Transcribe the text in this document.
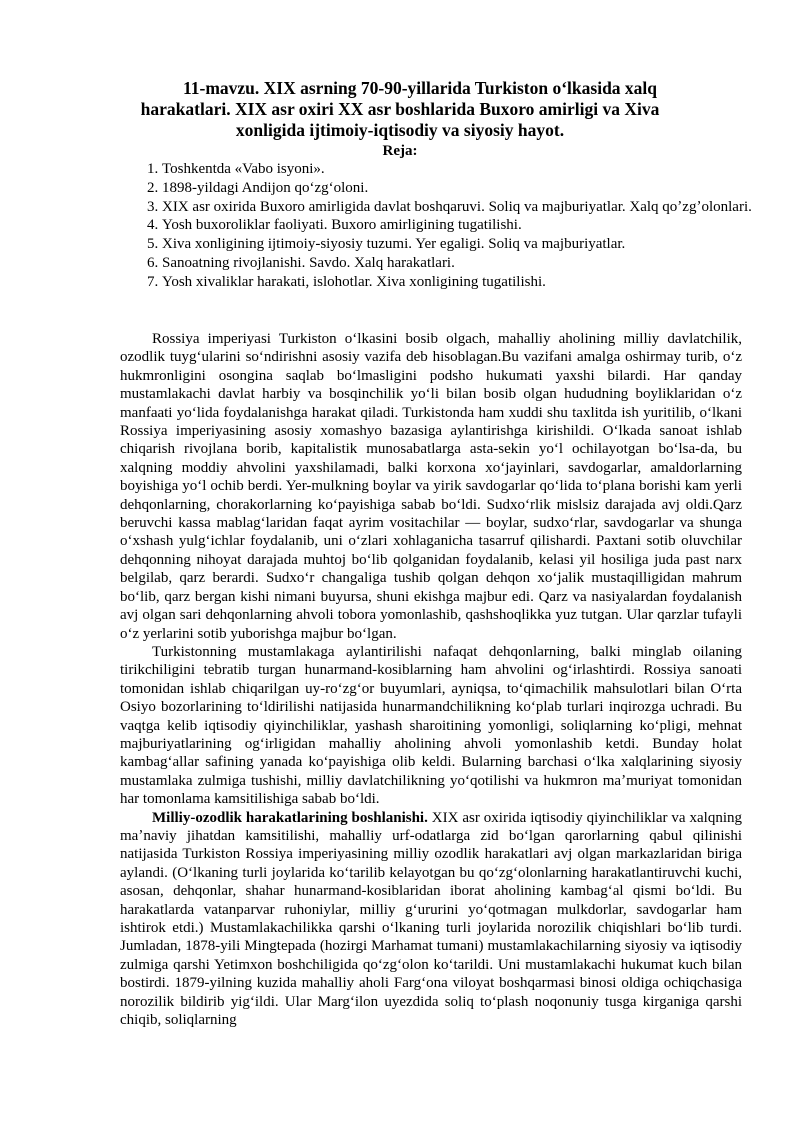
11-mavzu. XIX asrning 70-90-yillarida Turkiston oʻlkasida xalq
harakatlari. XIX asr oxiri XX asr boshlarida Buxoro amirligi va Xiva
xonligida ijtimoiy-iqtisodiy va siyosiy hayot.
Reja:
1. Toshkentda «Vabo isyoni».
2. 1898-yildagi Andijon qoʻzgʻoloni.
3. XIX asr oxirida Buxoro amirligida davlat boshqaruvi. Soliq va majburiyatlar. Xalq qoʼzgʼolonlari.
4. Yosh buxoroliklar faoliyati. Buxoro amirligining tugatilishi.
5. Xiva xonligining ijtimoiy-siyosiy tuzumi. Yer egaligi. Soliq va majburiyatlar.
6. Sanoatning rivojlanishi. Savdo. Xalq harakatlari.
7. Yosh xivaliklar harakati, islohotlar. Xiva xonligining tugatilishi.

Rossiya imperiyasi Turkiston oʻlkasini bosib olgach, mahalliy aholining milliy davlatchilik, ozodlik tuygʻularini soʻndirishni asosiy vazifa deb hisoblagan.Bu vazifani amalga oshirmay turib, oʻz hukmronligini osongina saqlab boʻlmasligini podsho hukumati yaxshi bilardi. Har qanday mustamlakachi davlat harbiy va bosqinchilik yoʻli bilan bosib olgan hududning boyliklaridan oʻz manfaati yoʻlida foydalanishga harakat qiladi. Turkistonda ham xuddi shu taxlitda ish yuritilib, oʻlkani Rossiya imperiyasining asosiy xomashyo bazasiga aylantirishga kirishildi. Oʻlkada sanoat ishlab chiqarish rivojlana borib, kapitalistik munosabatlarga asta-sekin yoʻl ochilayotgan boʻlsa-da, bu xalqning moddiy ahvolini yaxshilamadi, balki korxona xoʻjayinlari, savdogarlar, amaldorlarning boyishiga yoʻl ochib berdi. Yer-mulkning boylar va yirik savdogarlar qoʻlida toʻplana borishi kam yerli dehqonlarning, chorakorlarning koʻpayishiga sabab boʻldi. Sudxoʻrlik mislsiz darajada avj oldi.Qarz beruvchi kassa mablagʻlaridan faqat ayrim vositachilar — boylar, sudxoʻrlar, savdogarlar va shunga oʻxshash yulgʻichlar foydalanib, uni oʻzlari xohlaganicha tasarruf qilishardi. Paxtani sotib oluvchilar dehqonning nihoyat darajada muhtoj boʻlib qolganidan foydalanib, kelasi yil hosiliga juda past narx belgilab, qarz berardi. Sudxoʻr changaliga tushib qolgan dehqon xoʻjalik mustaqilligidan mahrum boʻlib, qarz bergan kishi nimani buyursa, shuni ekishga majbur edi. Qarz va nasiyalardan foydalanish avj olgan sari dehqonlarning ahvoli tobora yomonlashib, qashshoqlikka yuz tutgan. Ular qarzlar tufayli oʻz yerlarini sotib yuborishga majbur boʻlgan.

Turkistonning mustamlakaga aylantirilishi nafaqat dehqonlarning, balki minglab oilaning tirikchiligini tebratib turgan hunarmand-kosiblarning ham ahvolini ogʻirlashtirdi. Rossiya sanoati tomonidan ishlab chiqarilgan uy-roʻzgʻor buyumlari, ayniqsa, toʻqimachilik mahsulotlari bilan Oʻrta Osiyo bozorlarining toʻldirilishi natijasida hunarmandchilikning koʻplab turlari inqirozga uchradi. Bu vaqtga kelib iqtisodiy qiyinchiliklar, yashash sharoitining yomonligi, soliqlarning koʻpligi, mehnat majburiyatlarining ogʻirligidan mahalliy aholining ahvoli yomonlashib ketdi. Bunday holat kambagʻallar safining yanada koʻpayishiga olib keldi. Bularning barchasi oʻlka xalqlarining siyosiy mustamlaka zulmiga tushishi, milliy davlatchilikning yoʻqotilishi va hukmron maʼmuriyat tomonidan har tomonlama kamsitilishiga sabab boʻldi.

Milliy-ozodlik harakatlarining boshlanishi. XIX asr oxirida iqtisodiy qiyinchiliklar va xalqning maʼnaviy jihatdan kamsitilishi, mahalliy urf-odatlarga zid boʻlgan qarorlarning qabul qilinishi natijasida Turkiston Rossiya imperiyasining milliy ozodlik harakatlari avj olgan markazlaridan biriga aylandi. (Oʻlkaning turli joylarida koʻtarilib kelayotgan bu qoʻzgʻolonlarning harakatlantiruvchi kuchi, asosan, dehqonlar, shahar hunarmand-kosiblaridan iborat aholining kambagʻal qismi boʻldi. Bu harakatlarda vatanparvar ruhoniylar, milliy gʻururini yoʻqotmagan mulkdorlar, savdogarlar ham ishtirok etdi.) Mustamlakachilikka qarshi oʻlkaning turli joylarida norozilik chiqishlari boʻlib turdi. Jumladan, 1878-yili Mingtepada (hozirgi Marhamat tumani) mustamlakachilarning siyosiy va iqtisodiy zulmiga qarshi Yetimxon boshchiligida qoʻzgʻolon koʻtarildi. Uni mustamlakachi hukumat kuch bilan bostirdi. 1879-yilning kuzida mahalliy aholi Fargʻona viloyat boshqarmasi binosi oldiga ochiqchasiga norozilik bildirib yigʻildi. Ular Margʻilon uyezdida soliq toʻplash noqonuniy tusga kirganiga qarshi chiqib, soliqlarning
